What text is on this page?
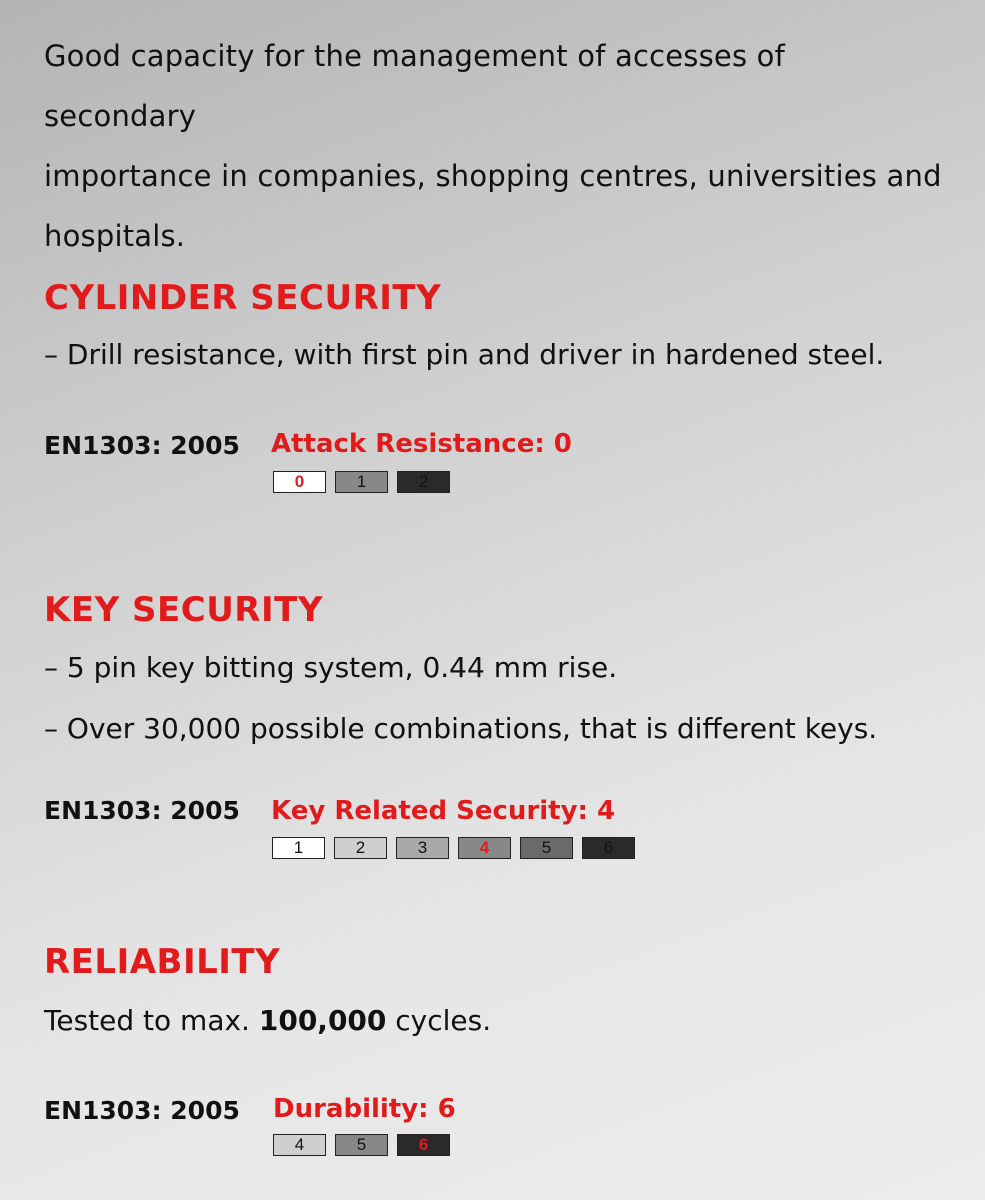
Good capacity for the management of accesses of secondary
importance in companies, shopping centres, universities and
hospitals.
CYLINDER SECURITY
– Drill resistance, with first pin and driver in hardened steel.
EN1303: 2005 Attack Resistance: 0
0	1	2
KEY SECURITY
– 5 pin key bitting system, 0.44 mm rise.
– Over 30,000 possible combinations, that is different keys.
EN1303: 2005 Key Related Security: 4
1	2	3	4	5	6
RELIABILITY
Tested to max. 100,000 cycles.
EN1303: 2005 Durability: 6
4	5	6
